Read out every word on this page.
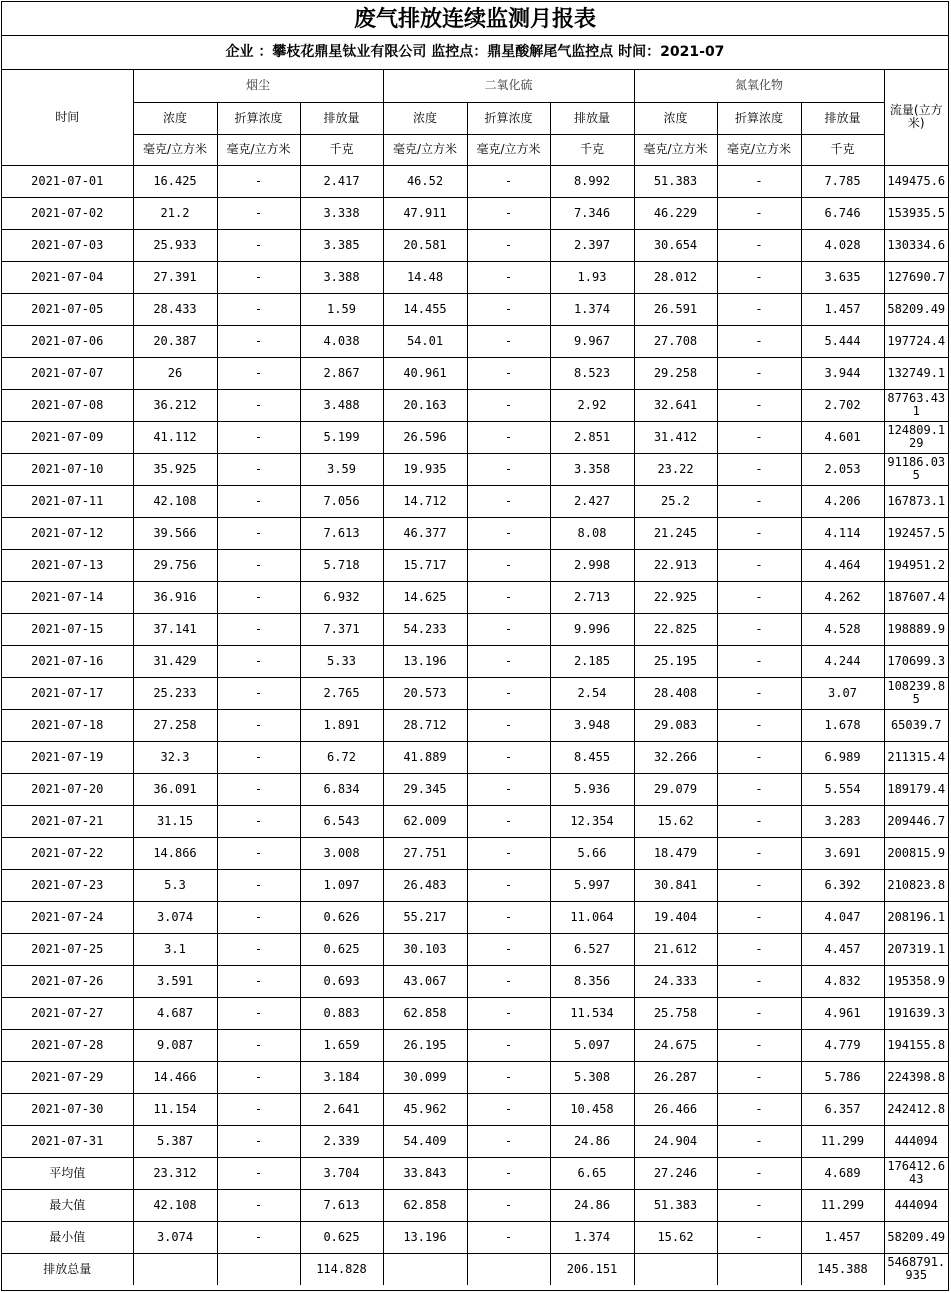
废气排放连续监测月报表
企业 ：攀枝花鼎星钛业有限公司 监控点：鼎星酸解尾气监控点 时间：2021-07
时间	烟尘			二氧化硫			氮氧化物			流量(立方米)
	浓度	折算浓度	排放量	浓度	折算浓度	排放量	浓度	折算浓度	排放量	
	毫克/立方米	毫克/立方米	千克	毫克/立方米	毫克/立方米	千克	毫克/立方米	毫克/立方米	千克	
2021-07-01	16.425	-	2.417	46.52	-	8.992	51.383	-	7.785	149475.6
2021-07-02	21.2	-	3.338	47.911	-	7.346	46.229	-	6.746	153935.5
2021-07-03	25.933	-	3.385	20.581	-	2.397	30.654	-	4.028	130334.6
2021-07-04	27.391	-	3.388	14.48	-	1.93	28.012	-	3.635	127690.7
2021-07-05	28.433	-	1.59	14.455	-	1.374	26.591	-	1.457	58209.49
2021-07-06	20.387	-	4.038	54.01	-	9.967	27.708	-	5.444	197724.4
2021-07-07	26	-	2.867	40.961	-	8.523	29.258	-	3.944	132749.1
2021-07-08	36.212	-	3.488	20.163	-	2.92	32.641	-	2.702	87763.431
2021-07-09	41.112	-	5.199	26.596	-	2.851	31.412	-	4.601	124809.129
2021-07-10	35.925	-	3.59	19.935	-	3.358	23.22	-	2.053	91186.035
2021-07-11	42.108	-	7.056	14.712	-	2.427	25.2	-	4.206	167873.1
2021-07-12	39.566	-	7.613	46.377	-	8.08	21.245	-	4.114	192457.5
2021-07-13	29.756	-	5.718	15.717	-	2.998	22.913	-	4.464	194951.2
2021-07-14	36.916	-	6.932	14.625	-	2.713	22.925	-	4.262	187607.4
2021-07-15	37.141	-	7.371	54.233	-	9.996	22.825	-	4.528	198889.9
2021-07-16	31.429	-	5.33	13.196	-	2.185	25.195	-	4.244	170699.3
2021-07-17	25.233	-	2.765	20.573	-	2.54	28.408	-	3.07	108239.85
2021-07-18	27.258	-	1.891	28.712	-	3.948	29.083	-	1.678	65039.7
2021-07-19	32.3	-	6.72	41.889	-	8.455	32.266	-	6.989	211315.4
2021-07-20	36.091	-	6.834	29.345	-	5.936	29.079	-	5.554	189179.4
2021-07-21	31.15	-	6.543	62.009	-	12.354	15.62	-	3.283	209446.7
2021-07-22	14.866	-	3.008	27.751	-	5.66	18.479	-	3.691	200815.9
2021-07-23	5.3	-	1.097	26.483	-	5.997	30.841	-	6.392	210823.8
2021-07-24	3.074	-	0.626	55.217	-	11.064	19.404	-	4.047	208196.1
2021-07-25	3.1	-	0.625	30.103	-	6.527	21.612	-	4.457	207319.1
2021-07-26	3.591	-	0.693	43.067	-	8.356	24.333	-	4.832	195358.9
2021-07-27	4.687	-	0.883	62.858	-	11.534	25.758	-	4.961	191639.3
2021-07-28	9.087	-	1.659	26.195	-	5.097	24.675	-	4.779	194155.8
2021-07-29	14.466	-	3.184	30.099	-	5.308	26.287	-	5.786	224398.8
2021-07-30	11.154	-	2.641	45.962	-	10.458	26.466	-	6.357	242412.8
2021-07-31	5.387	-	2.339	54.409	-	24.86	24.904	-	11.299	444094
平均值	23.312	-	3.704	33.843	-	6.65	27.246	-	4.689	176412.643
最大值	42.108	-	7.613	62.858	-	24.86	51.383	-	11.299	444094
最小值	3.074	-	0.625	13.196	-	1.374	15.62	-	1.457	58209.49
排放总量			114.828			206.151			145.388	5468791.935
